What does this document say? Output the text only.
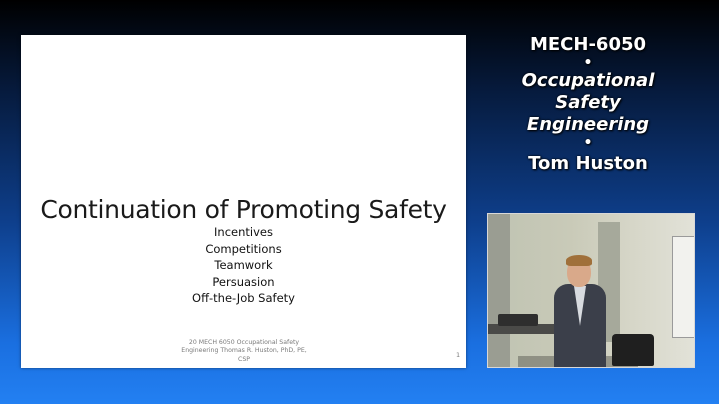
Continuation of Promoting Safety
Incentives
Competitions
Teamwork
Persuasion
Off-the-Job Safety
20 MECH 6050 Occupational Safety
Engineering Thomas R. Huston, PhD, PE,
CSP
1
MECH-6050
•
Occupational
Safety
Engineering
•
Tom Huston
